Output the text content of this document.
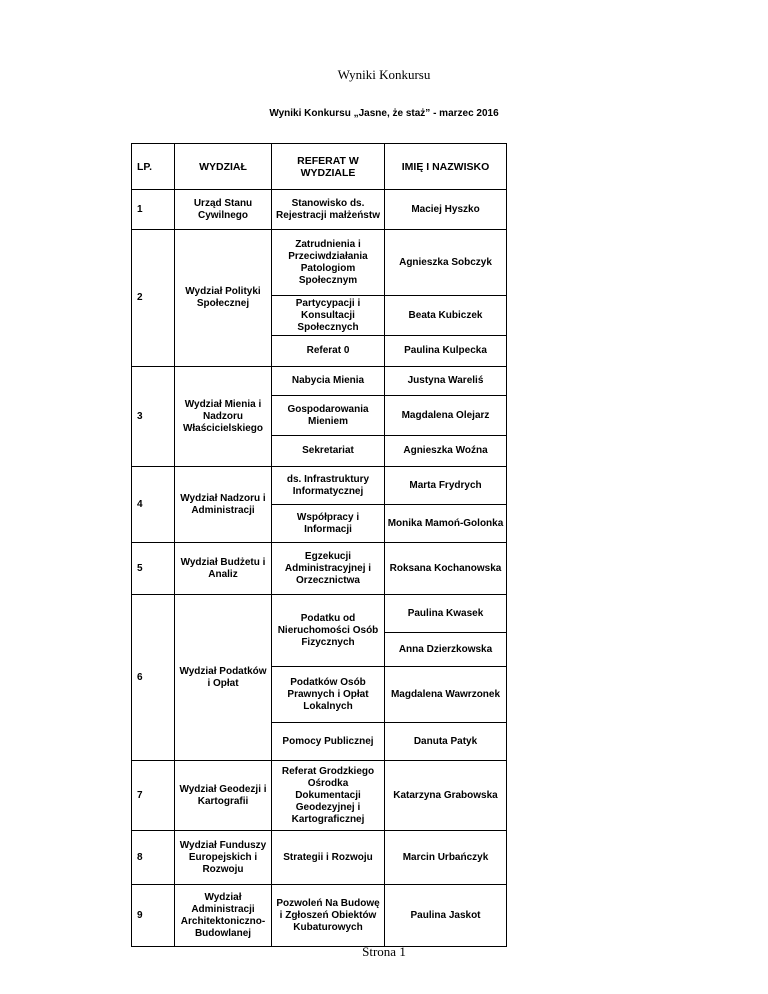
Wyniki Konkursu
Wyniki Konkursu „Jasne, że staż” - marzec 2016
LP.	WYDZIAŁ	REFERAT W WYDZIALE	IMIĘ I NAZWISKO
1	Urząd Stanu Cywilnego	Stanowisko ds. Rejestracji małżeństw	Maciej Hyszko
2	Wydział Polityki Społecznej	Zatrudnienia i Przeciwdziałania Patologiom Społecznym	Agnieszka Sobczyk
		Partycypacji i Konsultacji Społecznych	Beata Kubiczek
		Referat 0	Paulina Kulpecka
3	Wydział Mienia i Nadzoru Właścicielskiego	Nabycia Mienia	Justyna Wareliś
		Gospodarowania Mieniem	Magdalena Olejarz
		Sekretariat	Agnieszka Woźna
4	Wydział Nadzoru i Administracji	ds. Infrastruktury Informatycznej	Marta Frydrych
		Współpracy i Informacji	Monika Mamoń-Golonka
5	Wydział Budżetu i Analiz	Egzekucji Administracyjnej i Orzecznictwa	Roksana Kochanowska
6	Wydział Podatków i Opłat	Podatku od Nieruchomości Osób Fizycznych	Paulina Kwasek
			Anna Dzierzkowska
		Podatków Osób Prawnych i Opłat Lokalnych	Magdalena Wawrzonek
		Pomocy Publicznej	Danuta Patyk
7	Wydział Geodezji i Kartografii	Referat Grodzkiego Ośrodka Dokumentacji Geodezyjnej i Kartograficznej	Katarzyna Grabowska
8	Wydział Funduszy Europejskich i Rozwoju	Strategii i Rozwoju	Marcin Urbańczyk
9	Wydział Administracji Architektoniczno-Budowlanej	Pozwoleń Na Budowę i Zgłoszeń Obiektów Kubaturowych	Paulina Jaskot
Strona 1
